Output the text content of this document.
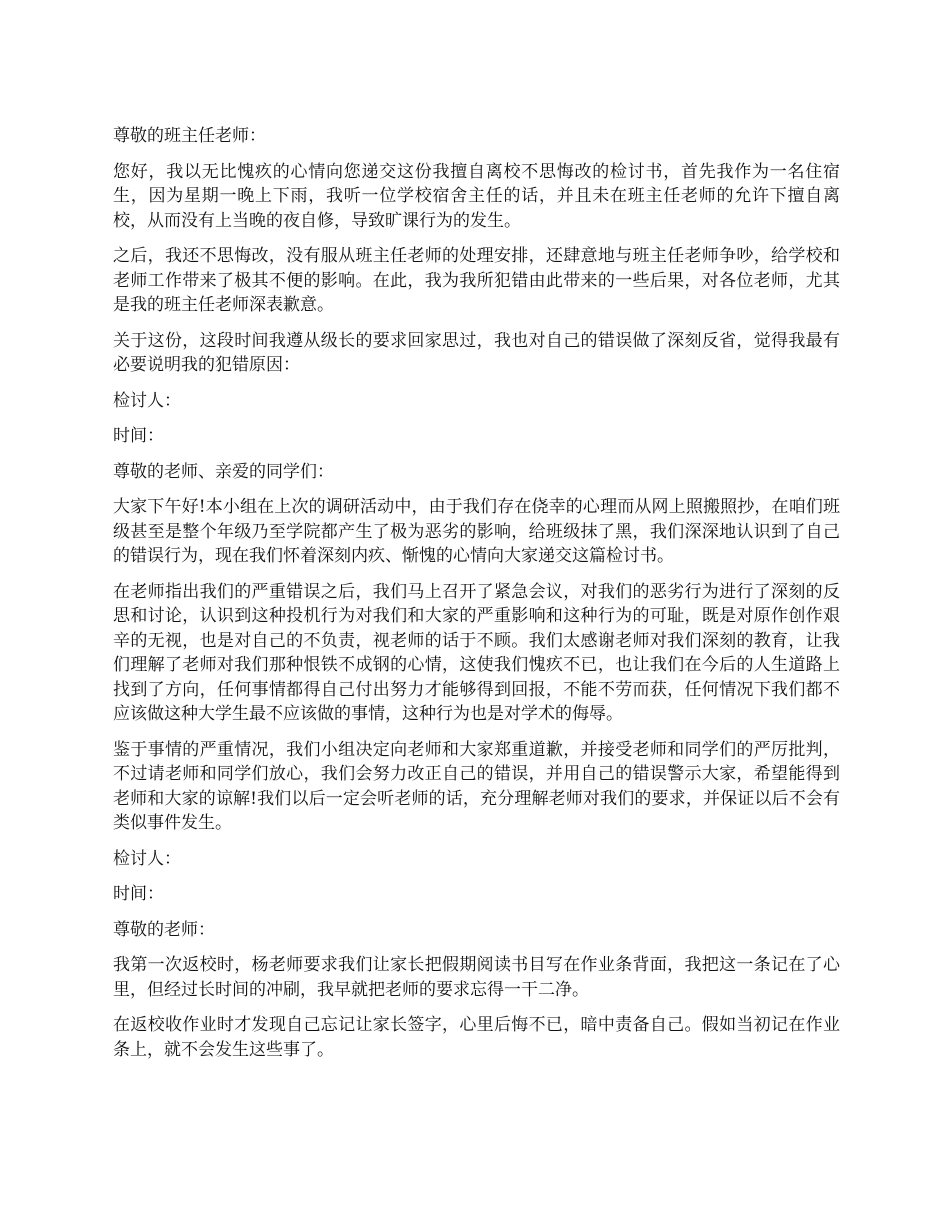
尊敬的班主任老师：

您好，我以无比愧疚的心情向您递交这份我擅自离校不思悔改的检讨书，首先我作为一名住宿生，因为星期一晚上下雨，我听一位学校宿舍主任的话，并且未在班主任老师的允许下擅自离校，从而没有上当晚的夜自修，导致旷课行为的发生。

之后，我还不思悔改，没有服从班主任老师的处理安排，还肆意地与班主任老师争吵，给学校和老师工作带来了极其不便的影响。在此，我为我所犯错由此带来的一些后果，对各位老师，尤其是我的班主任老师深表歉意。

关于这份，这段时间我遵从级长的要求回家思过，我也对自己的错误做了深刻反省，觉得我最有必要说明我的犯错原因：

检讨人：

时间：

尊敬的老师、亲爱的同学们：

大家下午好!本小组在上次的调研活动中，由于我们存在侥幸的心理而从网上照搬照抄，在咱们班级甚至是整个年级乃至学院都产生了极为恶劣的影响，给班级抹了黑，我们深深地认识到了自己的错误行为，现在我们怀着深刻内疚、惭愧的心情向大家递交这篇检讨书。

在老师指出我们的严重错误之后，我们马上召开了紧急会议，对我们的恶劣行为进行了深刻的反思和讨论，认识到这种投机行为对我们和大家的严重影响和这种行为的可耻，既是对原作创作艰辛的无视，也是对自己的不负责，视老师的话于不顾。我们太感谢老师对我们深刻的教育，让我们理解了老师对我们那种恨铁不成钢的心情，这使我们愧疚不已，也让我们在今后的人生道路上找到了方向，任何事情都得自己付出努力才能够得到回报，不能不劳而获，任何情况下我们都不应该做这种大学生最不应该做的事情，这种行为也是对学术的侮辱。

鉴于事情的严重情况，我们小组决定向老师和大家郑重道歉，并接受老师和同学们的严厉批判，不过请老师和同学们放心，我们会努力改正自己的错误，并用自己的错误警示大家，希望能得到老师和大家的谅解!我们以后一定会听老师的话，充分理解老师对我们的要求，并保证以后不会有类似事件发生。

检讨人：

时间：

尊敬的老师：

我第一次返校时，杨老师要求我们让家长把假期阅读书目写在作业条背面，我把这一条记在了心里，但经过长时间的冲刷，我早就把老师的要求忘得一干二净。

在返校收作业时才发现自己忘记让家长签字，心里后悔不已，暗中责备自己。假如当初记在作业条上，就不会发生这些事了。
